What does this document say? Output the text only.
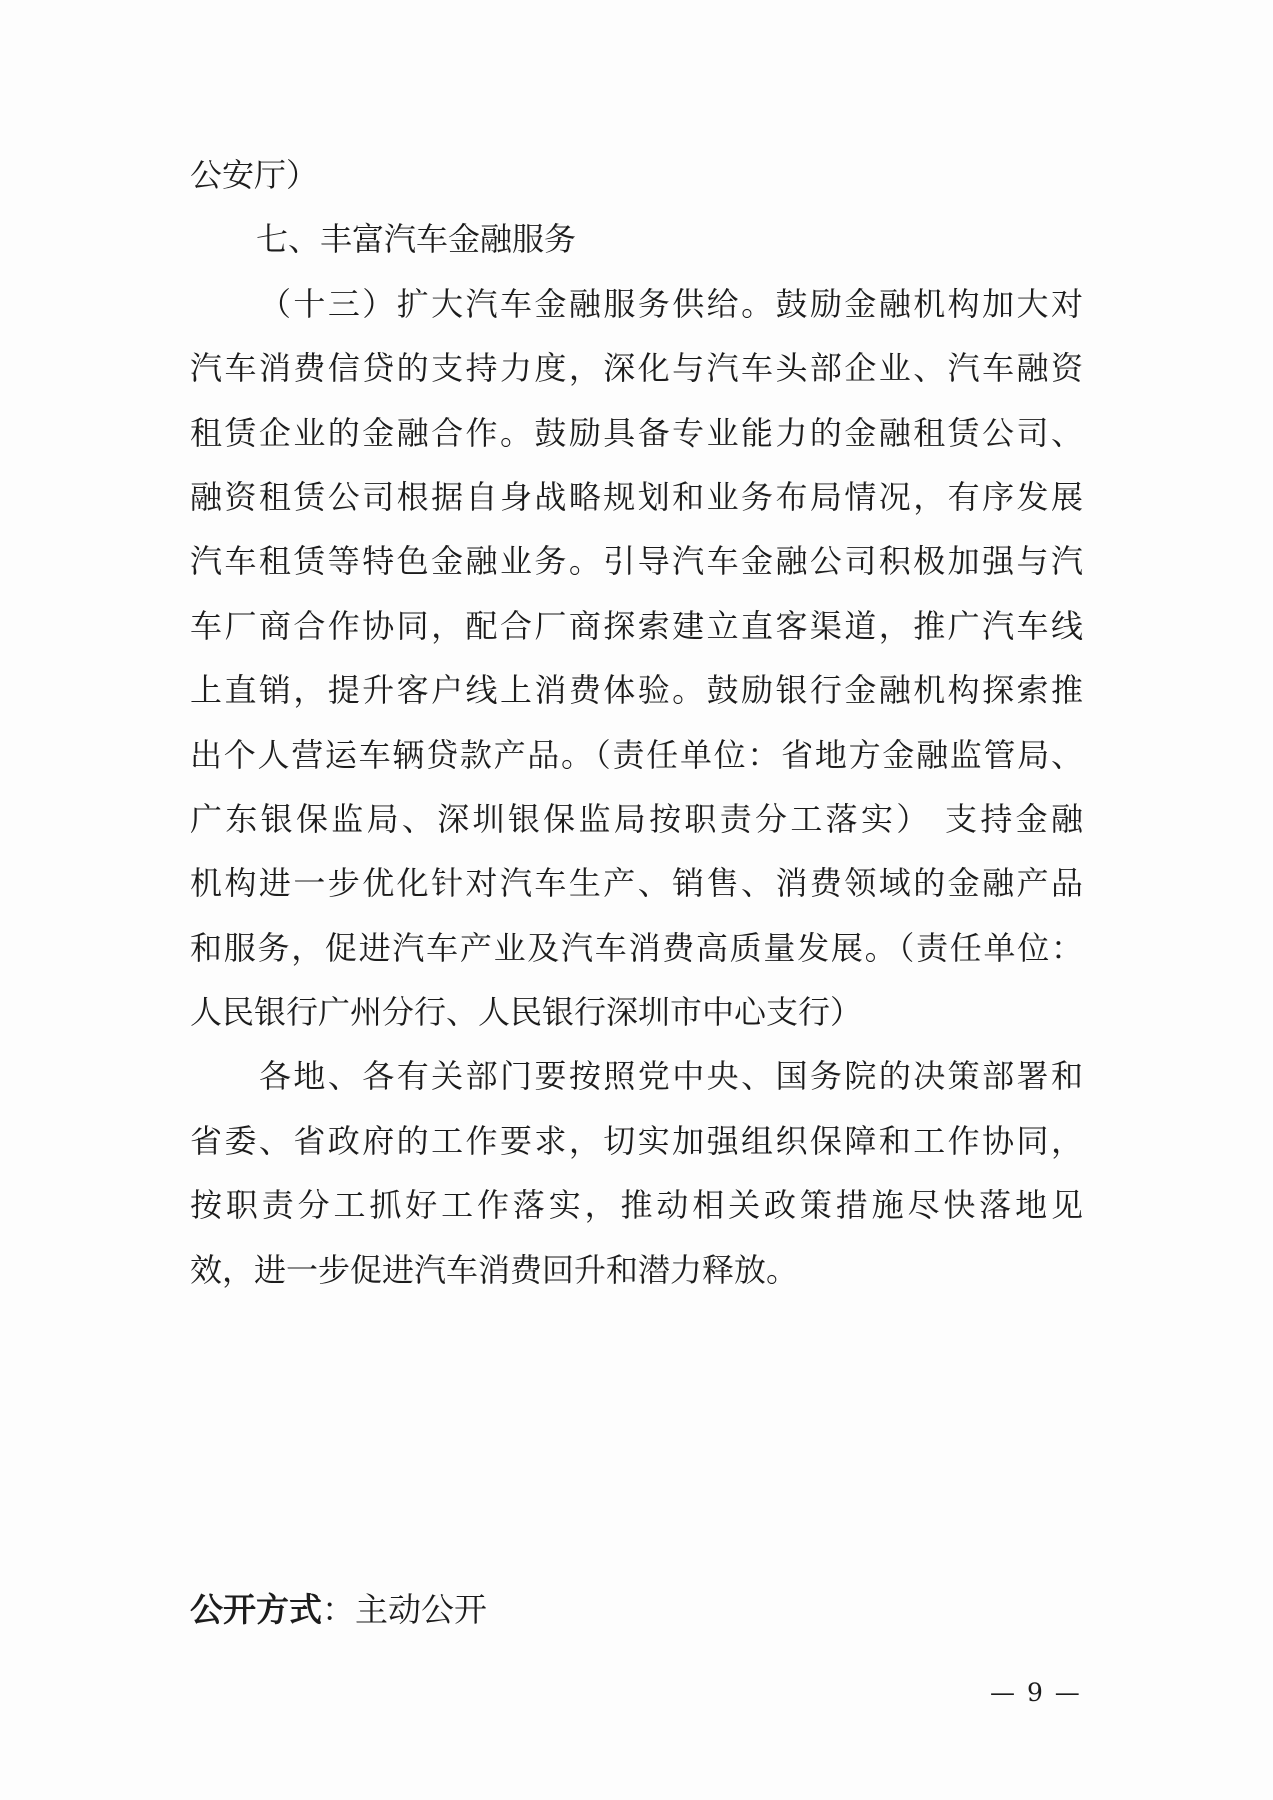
公安厅）
七、丰富汽车金融服务
（十三）扩大汽车金融服务供给。鼓励金融机构加大对
汽车消费信贷的支持力度，深化与汽车头部企业、汽车融资
租赁企业的金融合作。鼓励具备专业能力的金融租赁公司、
融资租赁公司根据自身战略规划和业务布局情况，有序发展
汽车租赁等特色金融业务。引导汽车金融公司积极加强与汽
车厂商合作协同，配合厂商探索建立直客渠道，推广汽车线
上直销，提升客户线上消费体验。鼓励银行金融机构探索推
出个人营运车辆贷款产品。（责任单位：省地方金融监管局、
广东银保监局、深圳银保监局按职责分工落实） 支持金融
机构进一步优化针对汽车生产、销售、消费领域的金融产品
和服务，促进汽车产业及汽车消费高质量发展。（责任单位：
人民银行广州分行、人民银行深圳市中心支行）
各地、各有关部门要按照党中央、国务院的决策部署和
省委、省政府的工作要求，切实加强组织保障和工作协同，
按职责分工抓好工作落实，推动相关政策措施尽快落地见
效，进一步促进汽车消费回升和潜力释放。
公开方式：主动公开
— 9 —
